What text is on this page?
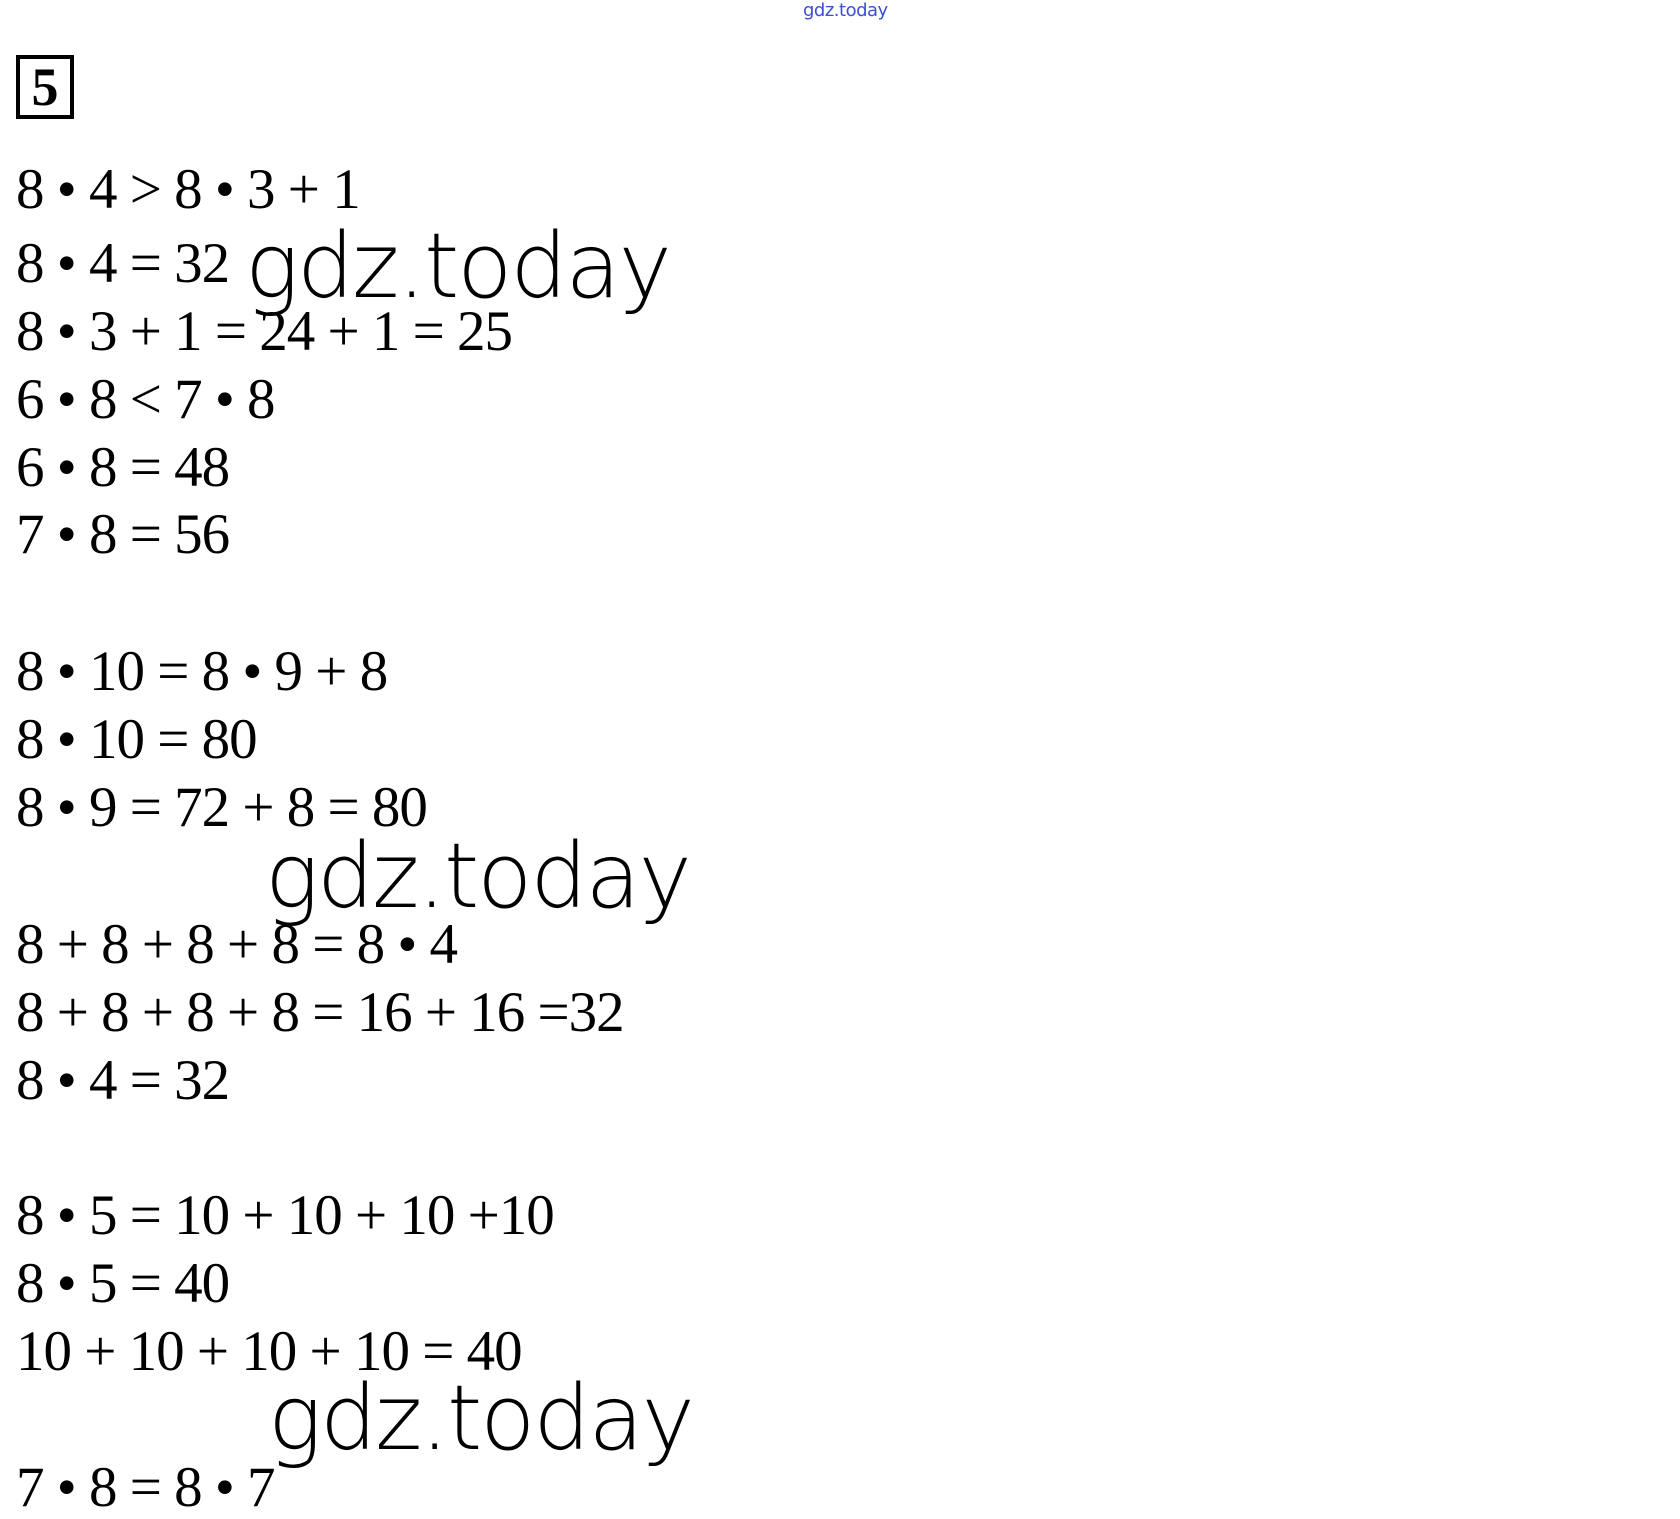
gdz.today
5
8 • 4 > 8 • 3 + 1
8 • 4 = 32
8 • 3 + 1 = 24 + 1 = 25
6 • 8 < 7 • 8
6 • 8 = 48
7 • 8 = 56
8 • 10 = 8 • 9 + 8
8 • 10 = 80
8 • 9 = 72 + 8 = 80
8 + 8 + 8 + 8 = 8 • 4
8 + 8 + 8 + 8 = 16 + 16 =32
8 • 4 = 32
8 • 5 = 10 + 10 + 10 +10
8 • 5 = 40
10 + 10 + 10 + 10 = 40
7 • 8 = 8 • 7
gdz.today
gdz.today
gdz.today
